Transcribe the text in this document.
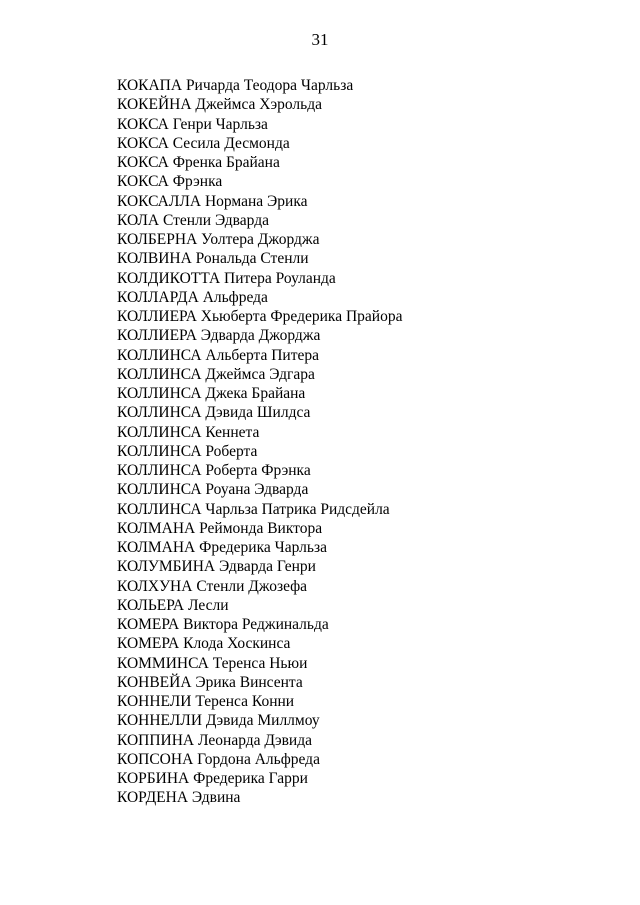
31
КОКАПА Ричарда Теодора Чарльза
КОКЕЙНА Джеймса Хэрольда
КОКСА Генри Чарльза
КОКСА Сесила Десмонда
КОКСА Френка Брайана
КОКСА Фрэнка
КОКСАЛЛА Нормана Эрика
КОЛА Стенли Эдварда
КОЛБЕРНА Уолтера Джорджа
КОЛВИНА Рональда Стенли
КОЛДИКОТТА Питера Роуланда
КОЛЛАРДА Альфреда
КОЛЛИЕРА Хьюберта Фредерика Прайора
КОЛЛИЕРА Эдварда Джорджа
КОЛЛИНСА Альберта Питера
КОЛЛИНСА Джеймса Эдгара
КОЛЛИНСА Джека Брайана
КОЛЛИНСА Дэвида Шилдса
КОЛЛИНСА Кеннета
КОЛЛИНСА Роберта
КОЛЛИНСА Роберта Фрэнка
КОЛЛИНСА Роуана Эдварда
КОЛЛИНСА Чарльза Патрика Ридсдейла
КОЛМАНА Реймонда Виктора
КОЛМАНА Фредерика Чарльза
КОЛУМБИНА Эдварда Генри
КОЛХУНА Стенли Джозефа
КОЛЬЕРА Лесли
КОМЕРА Виктора Реджинальда
КОМЕРА Клода Хоскинса
КОММИНСА Теренса Ньюи
КОНВЕЙА Эрика Винсента
КОННЕЛИ Теренса Конни
КОННЕЛЛИ Дэвида Миллмоу
КОППИНА Леонарда Дэвида
КОПСОНА Гордона Альфреда
КОРБИНА Фредерика Гарри
КОРДЕНА Эдвина
